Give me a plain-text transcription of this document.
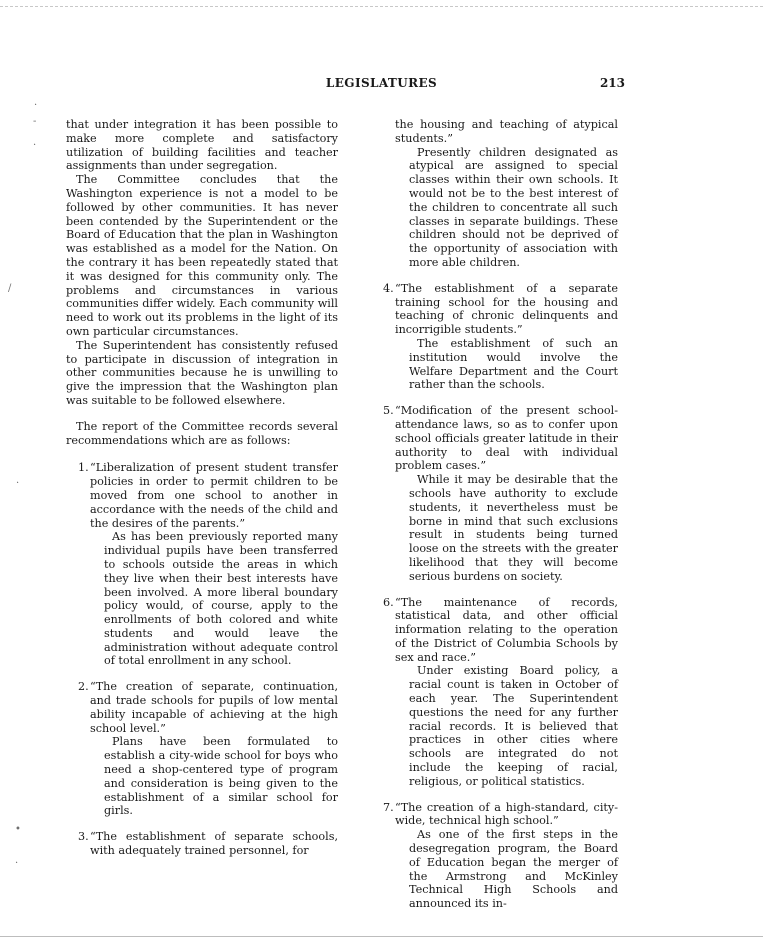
LEGISLATURES	213
·
-
·
/
·
•
·

that under integration it has been possible to make more complete and satisfactory utilization of building facilities and teacher assignments than under segregation.

The Committee concludes that the Washington experience is not a model to be followed by other communities. It has never been contended by the Superintendent or the Board of Education that the plan in Washington was established as a model for the Nation. On the contrary it has been repeatedly stated that it was designed for this community only. The problems and circumstances in various communities differ widely. Each community will need to work out its problems in the light of its own particular circumstances.

The Superintendent has consistently refused to participate in discussion of integration in other communities because he is unwilling to give the impression that the Washington plan was suitable to be followed elsewhere.

The report of the Committee records several recommendations which are as follows:

1. “Liberalization of present student transfer policies in order to permit children to be moved from one school to another in accordance with the needs of the child and the desires of the parents.”

As has been previously reported many individual pupils have been transferred to schools outside the areas in which they live when their best interests have been involved. A more liberal boundary policy would, of course, apply to the enrollments of both colored and white students and would leave the administration without adequate control of total enrollment in any school.

2. “The creation of separate, continuation, and trade schools for pupils of low mental ability incapable of achieving at the high school level.”

Plans have been formulated to establish a city-wide school for boys who need a shop-centered type of program and consideration is being given to the establishment of a similar school for girls.

3. “The establishment of separate schools, with adequately trained personnel, for

the housing and teaching of atypical students.”

Presently children designated as atypical are assigned to special classes within their own schools. It would not be to the best interest of the children to concentrate all such classes in separate buildings. These children should not be deprived of the opportunity of association with more able children.

4. “The establishment of a separate training school for the housing and teaching of chronic delinquents and incorrigible students.”

The establishment of such an institution would involve the Welfare Department and the Court rather than the schools.

5. “Modification of the present school-attendance laws, so as to confer upon school officials greater latitude in their authority to deal with individual problem cases.”

While it may be desirable that the schools have authority to exclude students, it nevertheless must be borne in mind that such exclusions result in students being turned loose on the streets with the greater likelihood that they will become serious burdens on society.

6. “The maintenance of records, statistical data, and other official information relating to the operation of the District of Columbia Schools by sex and race.”

Under existing Board policy, a racial count is taken in October of each year. The Superintendent questions the need for any further racial records. It is believed that practices in other cities where schools are integrated do not include the keeping of racial, religious, or political statistics.

7. “The creation of a high-standard, city-wide, technical high school.”

As one of the first steps in the desegregation program, the Board of Education began the merger of the Armstrong and McKinley Technical High Schools and announced its in-
